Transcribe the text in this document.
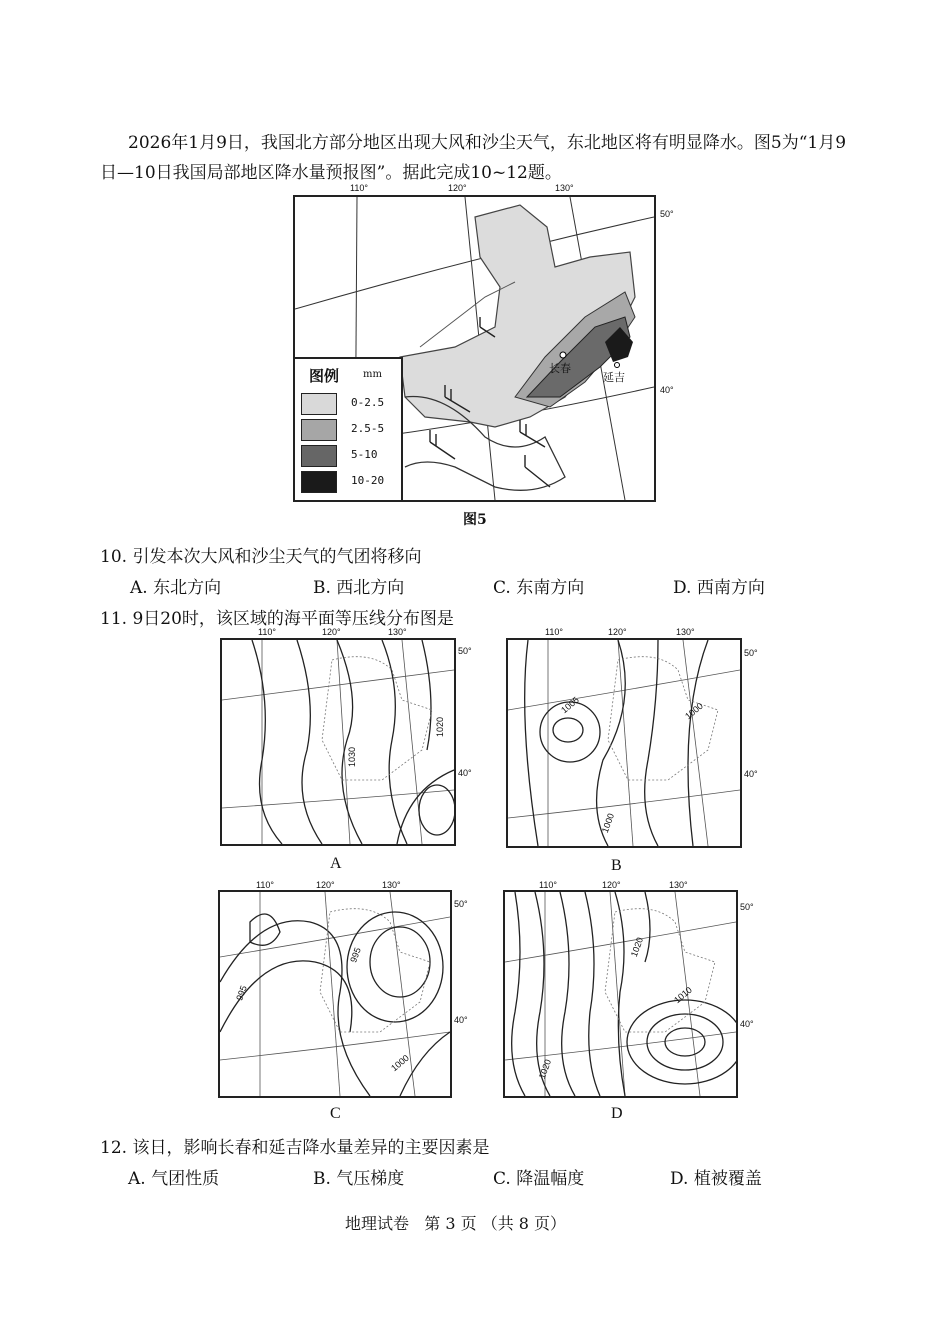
2026年1月9日，我国北方部分地区出现大风和沙尘天气，东北地区将有明显降水。图5为“1月9
日—10日我国局部地区降水量预报图”。据此完成10~12题。
110°	120°	130°
50°
40°
长春
延吉
图例 mm
0-2.5
2.5-5
5-10
10-20
图5
10. 引发本次大风和沙尘天气的气团将移向
A. 东北方向	B. 西北方向	C. 东南方向	D. 西南方向
11. 9日20时，该区域的海平面等压线分布图是
110°	120°	130°
50°
40°
1030
1020
A
110°	120°	130°
50°
40°
1005	1000
1000
B
110°	120°	130°
50°
40°
995
995
1000
C
110°	120°	130°
50°
40°
1020
1010
1020
D
12. 该日，影响长春和延吉降水量差异的主要因素是
A. 气团性质	B. 气压梯度	C. 降温幅度	D. 植被覆盖
地理试卷   第 3 页 （共 8 页）
